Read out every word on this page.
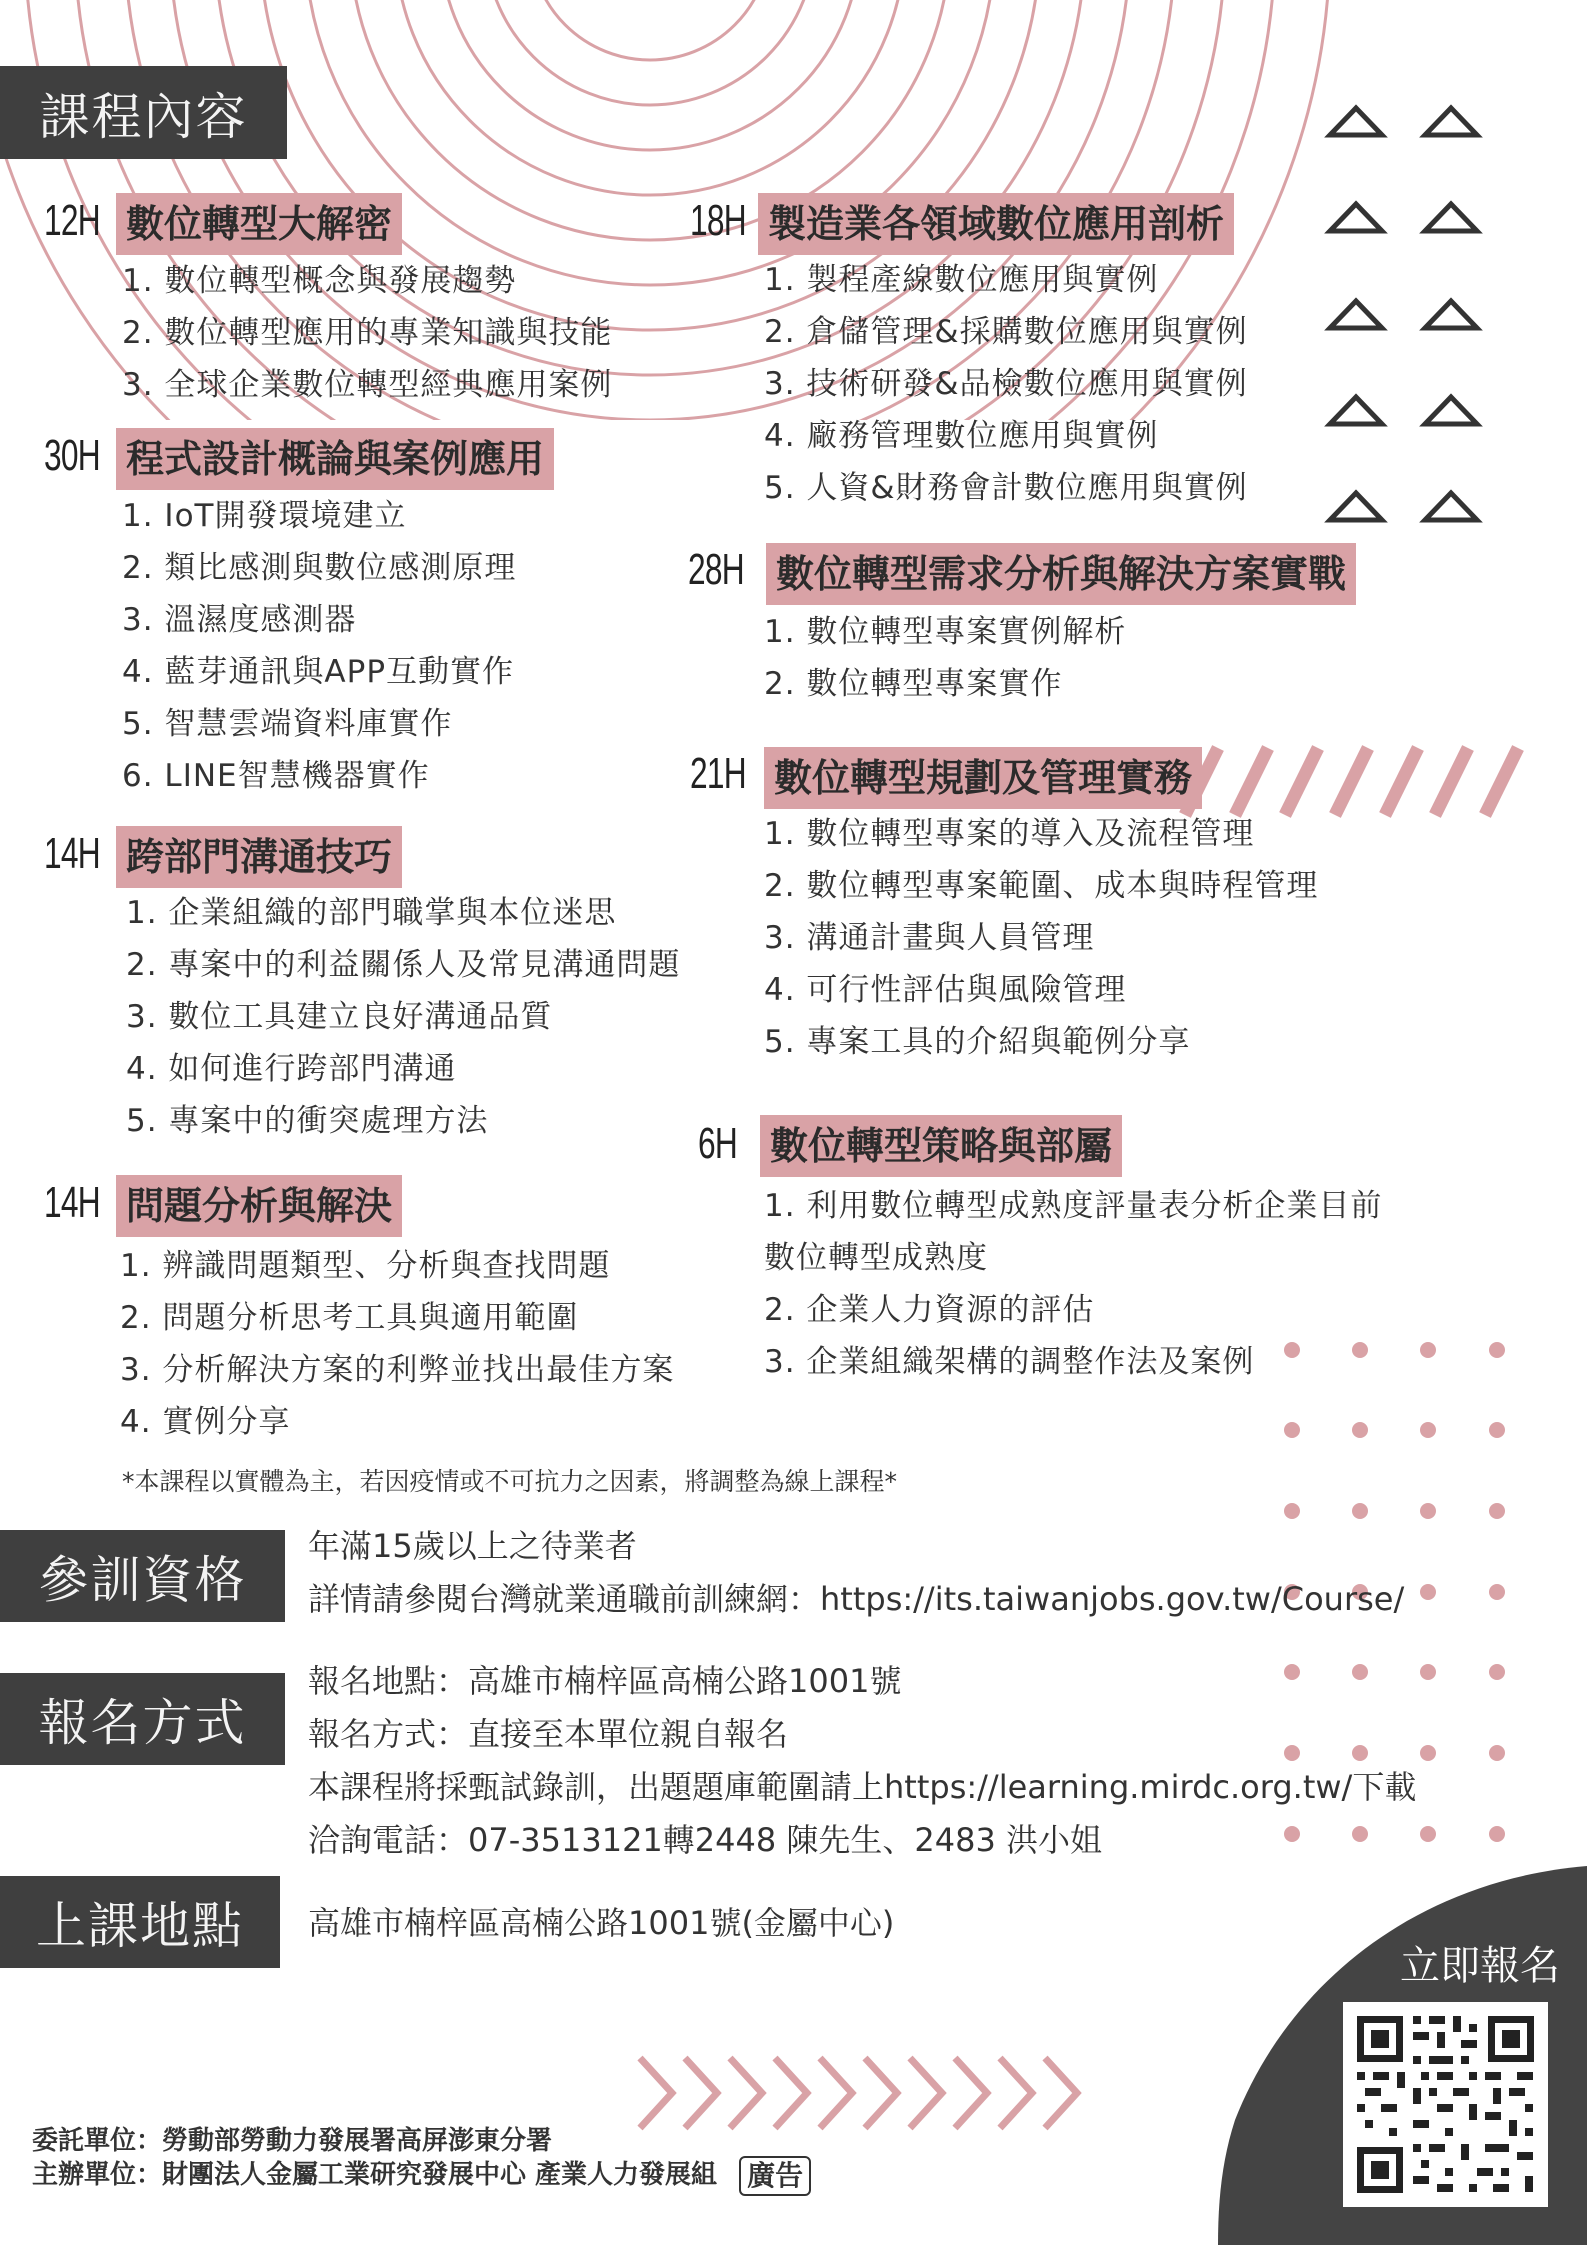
課程內容
12H 數位轉型大解密
1. 數位轉型概念與發展趨勢
2. 數位轉型應用的專業知識與技能
3. 全球企業數位轉型經典應用案例
30H 程式設計概論與案例應用
1. IoT開發環境建立
2. 類比感測與數位感測原理
3. 溫濕度感測器
4. 藍芽通訊與APP互動實作
5. 智慧雲端資料庫實作
6. LINE智慧機器實作
14H 跨部門溝通技巧
1. 企業組織的部門職掌與本位迷思
2. 專案中的利益關係人及常見溝通問題
3. 數位工具建立良好溝通品質
4. 如何進行跨部門溝通
5. 專案中的衝突處理方法
14H 問題分析與解決
1. 辨識問題類型、分析與查找問題
2. 問題分析思考工具與適用範圍
3. 分析解決方案的利弊並找出最佳方案
4. 實例分享
18H 製造業各領域數位應用剖析
1. 製程產線數位應用與實例
2. 倉儲管理&採購數位應用與實例
3. 技術研發&品檢數位應用與實例
4. 廠務管理數位應用與實例
5. 人資&財務會計數位應用與實例
28H 數位轉型需求分析與解決方案實戰
1. 數位轉型專案實例解析
2. 數位轉型專案實作
21H 數位轉型規劃及管理實務
1. 數位轉型專案的導入及流程管理
2. 數位轉型專案範圍、成本與時程管理
3. 溝通計畫與人員管理
4. 可行性評估與風險管理
5. 專案工具的介紹與範例分享
6H 數位轉型策略與部屬
1. 利用數位轉型成熟度評量表分析企業目前
數位轉型成熟度
2. 企業人力資源的評估
3. 企業組織架構的調整作法及案例
*本課程以實體為主，若因疫情或不可抗力之因素，將調整為線上課程*
參訓資格
年滿15歲以上之待業者
詳情請參閱台灣就業通職前訓練網：https://its.taiwanjobs.gov.tw/Course/
報名方式
報名地點：高雄市楠梓區高楠公路1001號
報名方式：直接至本單位親自報名
本課程將採甄試錄訓，出題題庫範圍請上https://learning.mirdc.org.tw/下載
洽詢電話：07-3513121轉2448 陳先生、2483 洪小姐
上課地點	高雄市楠梓區高楠公路1001號(金屬中心)
委託單位：勞動部勞動力發展署高屏澎東分署
主辦單位：財團法人金屬工業研究發展中心 產業人力發展組 廣告
立即報名
